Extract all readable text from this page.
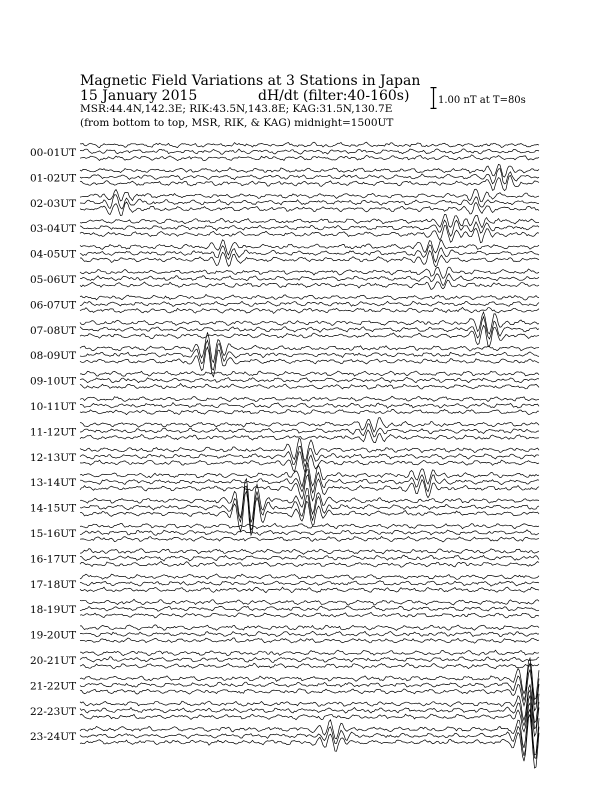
Magnetic Field Variations at 3 Stations in Japan
15 January 2015	dH/dt (filter:40-160s)
MSR:44.4N,142.3E; RIK:43.5N,143.8E; KAG:31.5N,130.7E
(from bottom to top, MSR, RIK, & KAG) midnight=1500UT
1.00 nT at T=80s
00-01UT
01-02UT
02-03UT
03-04UT
04-05UT
05-06UT
06-07UT
07-08UT
08-09UT
09-10UT
10-11UT
11-12UT
12-13UT
13-14UT
14-15UT
15-16UT
16-17UT
17-18UT
18-19UT
19-20UT
20-21UT
21-22UT
22-23UT
23-24UT
